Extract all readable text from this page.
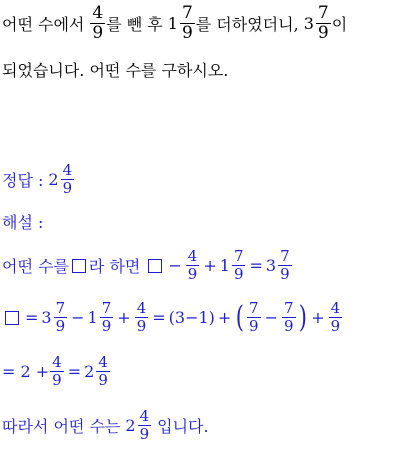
어떤 수에서 $\frac{4}{9}$ 를 뺀 후 $1 \frac{7}{9}$ 를 더하였더니, $3 \frac{7}{9}$ 이
되었습니다. 어떤 수를 구하시오.
정답 : $2 \frac{4}{9}$
해설 :
어떤 수를 라 하면 − $\frac{4}{9} + 1 \frac{7}{9} = 3 \frac{7}{9}$
= $3 \frac{7}{9} - 1 \frac{7}{9} + \frac{4}{9} = (3-1)$ + ( $\frac{7}{9} - \frac{7}{9}$ ) + $\frac{4}{9}$
= $2 + \frac{4}{9} = 2 \frac{4}{9}$
따라서 어떤 수는 $2 \frac{4}{9}$ 입니다.
